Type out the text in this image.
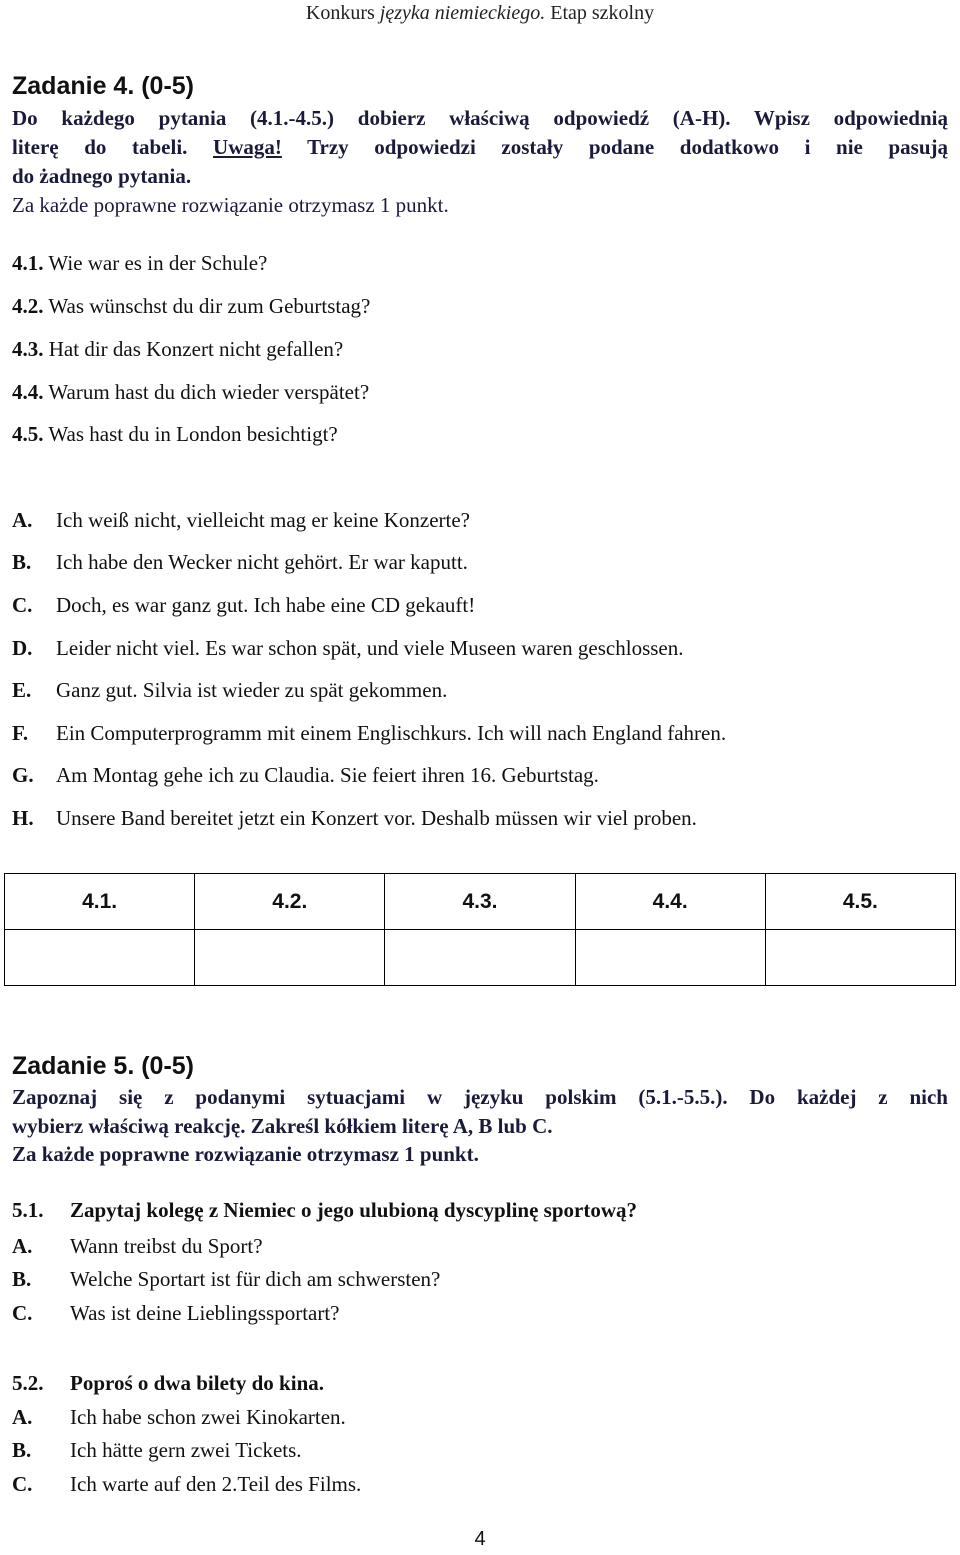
Konkurs języka niemieckiego. Etap szkolny
Zadanie 4. (0-5)
Do każdego pytania (4.1.-4.5.) dobierz właściwą odpowiedź (A-H). Wpisz odpowiednią
literę do tabeli. Uwaga! Trzy odpowiedzi zostały podane dodatkowo i nie pasują
do żadnego pytania.
Za każde poprawne rozwiązanie otrzymasz 1 punkt.
4.1. Wie war es in der Schule?
4.2. Was wünschst du dir zum Geburtstag?
4.3. Hat dir das Konzert nicht gefallen?
4.4. Warum hast du dich wieder verspätet?
4.5. Was hast du in London besichtigt?
A. Ich weiß nicht, vielleicht mag er keine Konzerte?
B. Ich habe den Wecker nicht gehört. Er war kaputt.
C. Doch, es war ganz gut. Ich habe eine CD gekauft!
D. Leider nicht viel. Es war schon spät, und viele Museen waren geschlossen.
E. Ganz gut. Silvia ist wieder zu spät gekommen.
F. Ein Computerprogramm mit einem Englischkurs. Ich will nach England fahren.
G. Am Montag gehe ich zu Claudia. Sie feiert ihren 16. Geburtstag.
H. Unsere Band bereitet jetzt ein Konzert vor. Deshalb müssen wir viel proben.
4.1.	4.2.	4.3.	4.4.	4.5.

Zadanie 5. (0-5)
Zapoznaj się z podanymi sytuacjami w języku polskim (5.1.-5.5.). Do każdej z nich
wybierz właściwą reakcję. Zakreśl kółkiem literę A, B lub C.
Za każde poprawne rozwiązanie otrzymasz 1 punkt.
5.1. Zapytaj kolegę z Niemiec o jego ulubioną dyscyplinę sportową?
A. Wann treibst du Sport?
B. Welche Sportart ist für dich am schwersten?
C. Was ist deine Lieblingssportart?
5.2. Poproś o dwa bilety do kina.
A. Ich habe schon zwei Kinokarten.
B. Ich hätte gern zwei Tickets.
C. Ich warte auf den 2.Teil des Films.
4
